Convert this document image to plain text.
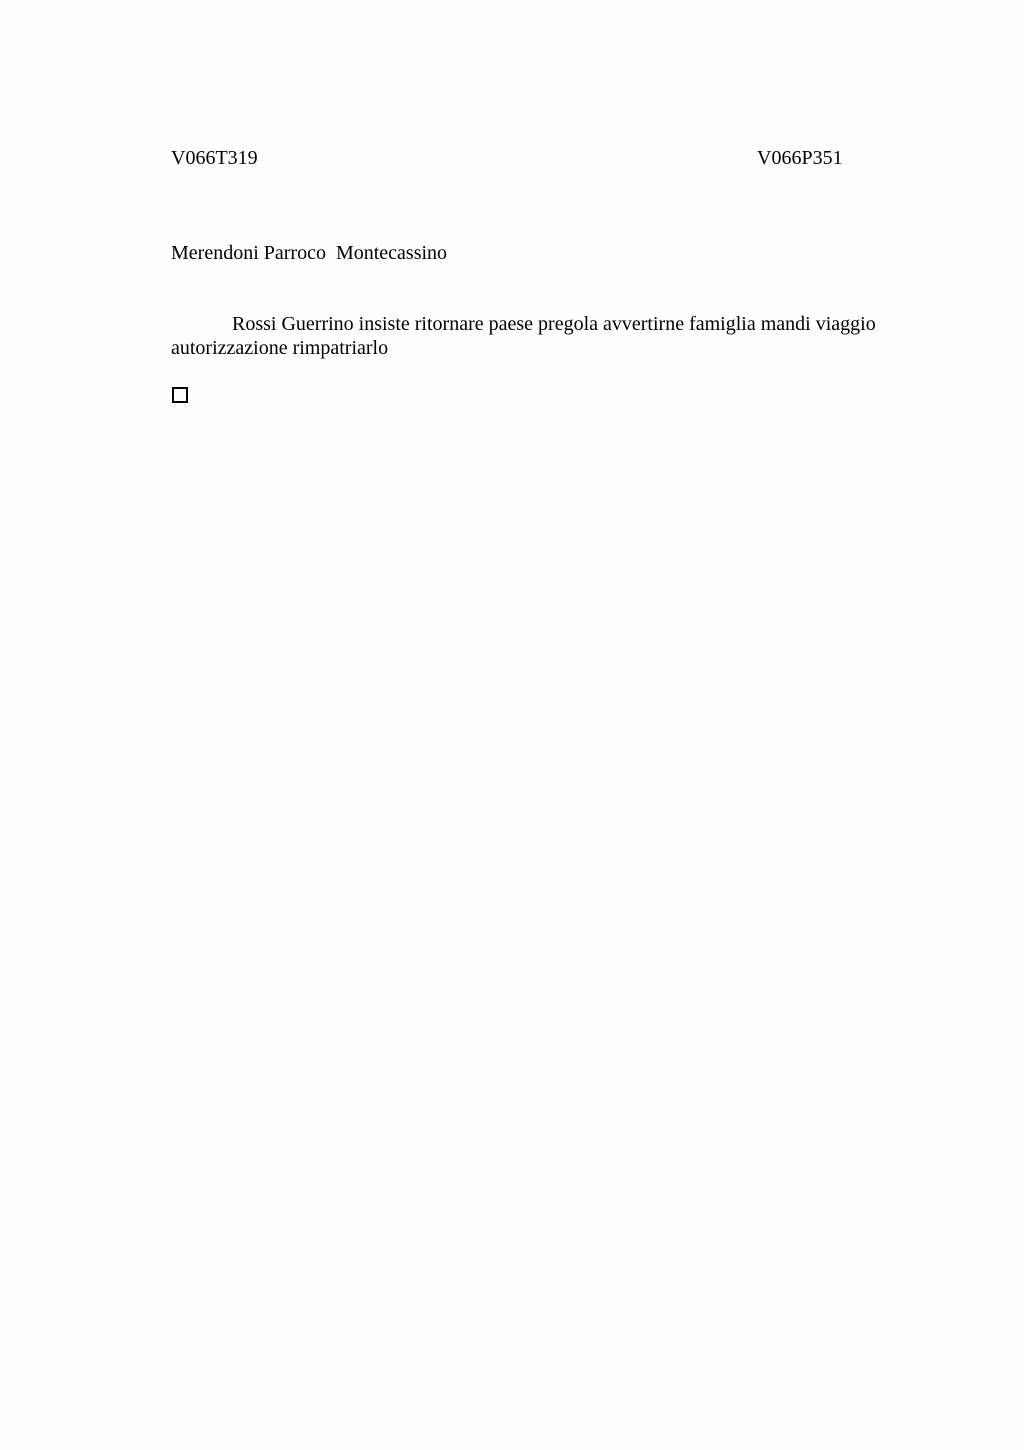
V066T319	V066P351
Merendoni Parroco  Montecassino
Rossi Guerrino insiste ritornare paese pregola avvertirne famiglia mandi viaggio autorizzazione rimpatriarlo
